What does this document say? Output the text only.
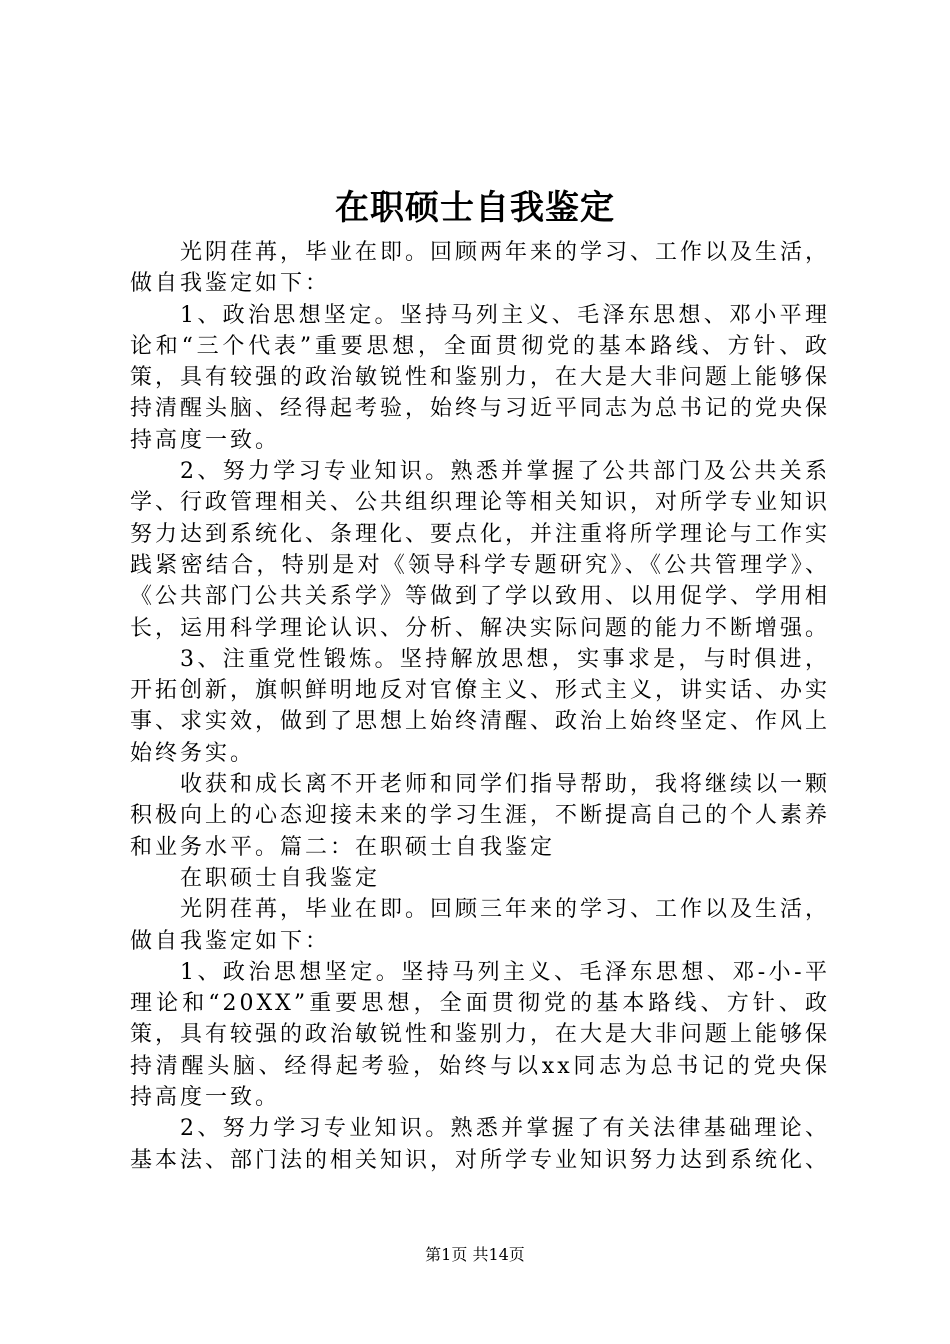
在职硕士自我鉴定

光阴荏苒，毕业在即。回顾两年来的学习、工作以及生活，做自我鉴定如下：

1、政治思想坚定。坚持马列主义、毛泽东思想、邓小平理论和“三个代表”重要思想，全面贯彻党的基本路线、方针、政策，具有较强的政治敏锐性和鉴别力，在大是大非问题上能够保持清醒头脑、经得起考验，始终与习近平同志为总书记的党央保持高度一致。

2、努力学习专业知识。熟悉并掌握了公共部门及公共关系学、行政管理相关、公共组织理论等相关知识，对所学专业知识努力达到系统化、条理化、要点化，并注重将所学理论与工作实践紧密结合，特别是对《领导科学专题研究》、《公共管理学》、《公共部门公共关系学》等做到了学以致用、以用促学、学用相长，运用科学理论认识、分析、解决实际问题的能力不断增强。

3、注重党性锻炼。坚持解放思想，实事求是，与时俱进，开拓创新，旗帜鲜明地反对官僚主义、形式主义，讲实话、办实事、求实效，做到了思想上始终清醒、政治上始终坚定、作风上始终务实。

收获和成长离不开老师和同学们指导帮助，我将继续以一颗积极向上的心态迎接未来的学习生涯，不断提高自己的个人素养和业务水平。篇二：在职硕士自我鉴定

在职硕士自我鉴定

光阴荏苒，毕业在即。回顾三年来的学习、工作以及生活，做自我鉴定如下：

1、政治思想坚定。坚持马列主义、毛泽东思想、邓-小-平理论和“20XX”重要思想，全面贯彻党的基本路线、方针、政策，具有较强的政治敏锐性和鉴别力，在大是大非问题上能够保持清醒头脑、经得起考验，始终与以xx同志为总书记的党央保持高度一致。

2、努力学习专业知识。熟悉并掌握了有关法律基础理论、基本法、部门法的相关知识，对所学专业知识努力达到系统化、

第1页 共14页
